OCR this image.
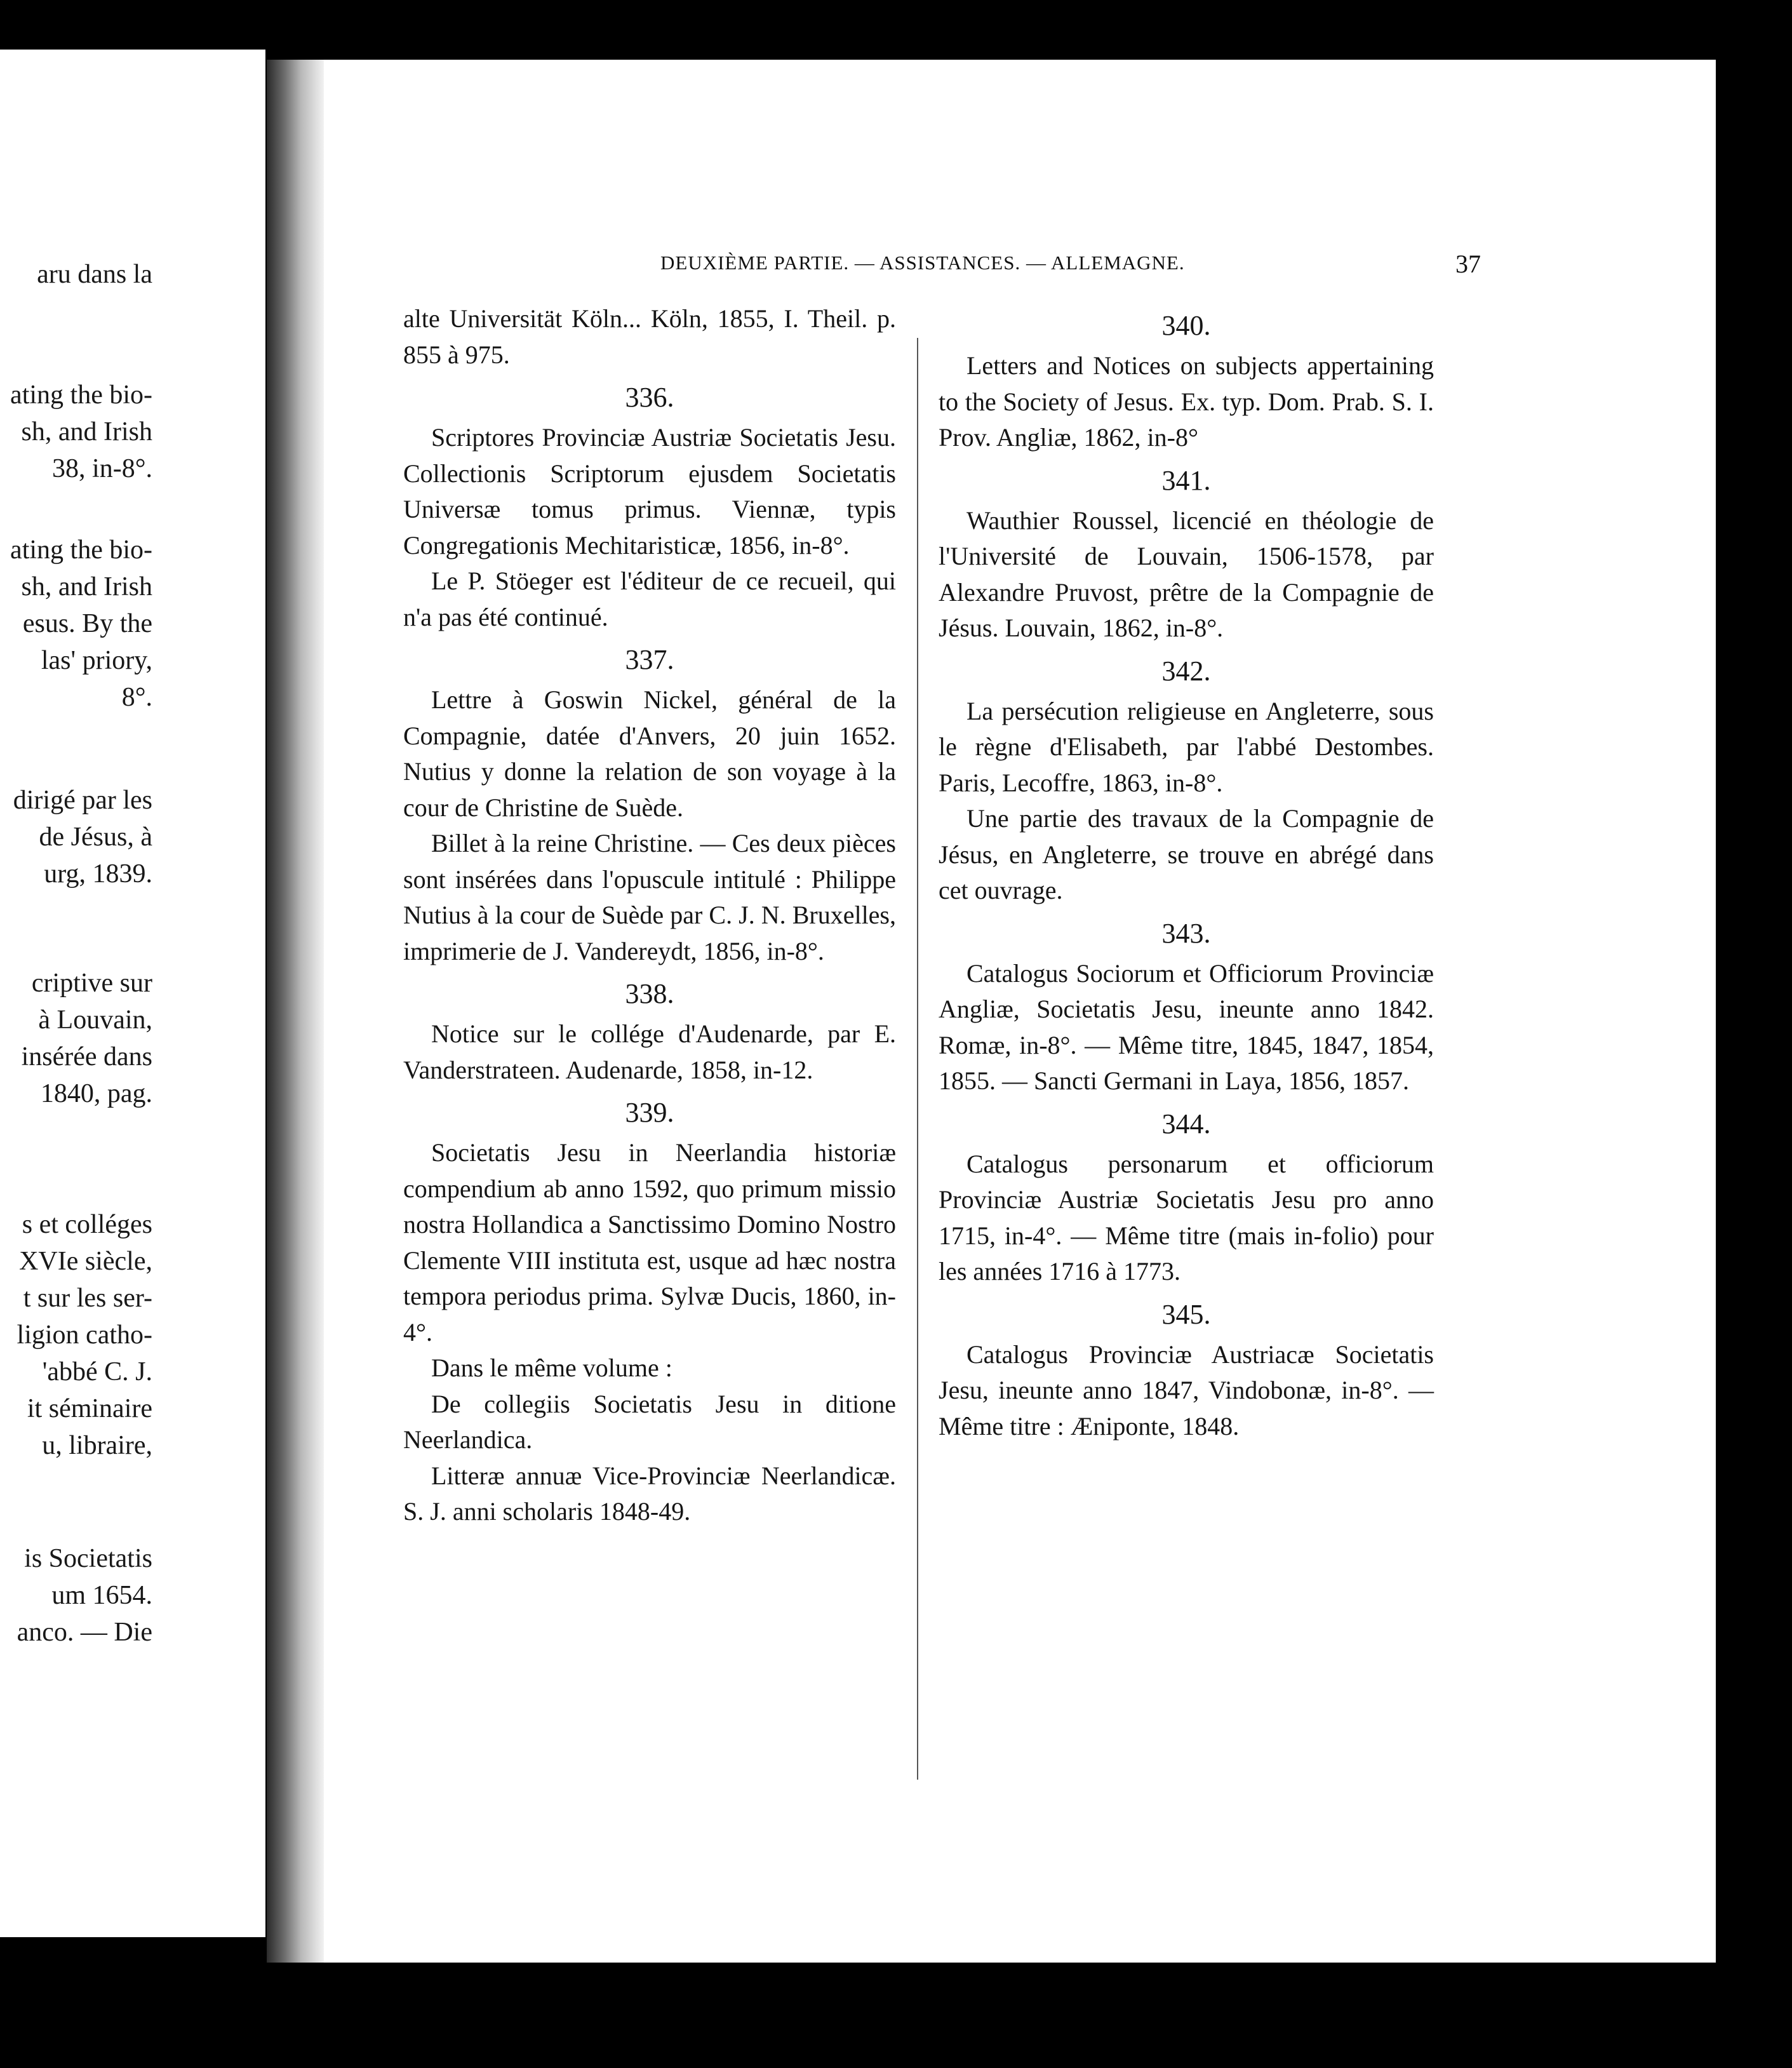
aru dans la
ating the bio-
sh, and Irish
38, in-8°.
ating the bio-
sh, and Irish
esus. By the
las' priory,
8°.
dirigé par les
de Jésus, à
urg, 1839.
criptive sur
à Louvain,
insérée dans
1840, pag.
s et colléges
XVIe siècle,
t sur les ser-
ligion catho-
'abbé C. J.
it séminaire
u, libraire,
is Societatis
um 1654.
anco. — Die
DEUXIÈME PARTIE. — ASSISTANCES. — ALLEMAGNE.	37

alte Universität Köln... Köln, 1855, I. Theil. p. 855 à 975.

336.

Scriptores Provinciæ Austriæ Societatis Jesu. Collectionis Scriptorum ejusdem Societatis Universæ tomus primus. Viennæ, typis Congregationis Mechitaristicæ, 1856, in-8°.

Le P. Stöeger est l'éditeur de ce recueil, qui n'a pas été continué.

337.

Lettre à Goswin Nickel, général de la Compagnie, datée d'Anvers, 20 juin 1652. Nutius y donne la relation de son voyage à la cour de Christine de Suède.

Billet à la reine Christine. — Ces deux pièces sont insérées dans l'opuscule intitulé : Philippe Nutius à la cour de Suède par C. J. N. Bruxelles, imprimerie de J. Vandereydt, 1856, in-8°.

338.

Notice sur le collége d'Audenarde, par E. Vanderstrateen. Audenarde, 1858, in-12.

339.

Societatis Jesu in Neerlandia historiæ compendium ab anno 1592, quo primum missio nostra Hollandica a Sanctissimo Domino Nostro Clemente VIII instituta est, usque ad hæc nostra tempora periodus prima. Sylvæ Ducis, 1860, in-4°.

Dans le même volume :

De collegiis Societatis Jesu in ditione Neerlandica.

Litteræ annuæ Vice-Provinciæ Neerlandicæ. S. J. anni scholaris 1848-49.

340.

Letters and Notices on subjects appertaining to the Society of Jesus. Ex. typ. Dom. Prab. S. I. Prov. Angliæ, 1862, in-8°

341.

Wauthier Roussel, licencié en théologie de l'Université de Louvain, 1506-1578, par Alexandre Pruvost, prêtre de la Compagnie de Jésus. Louvain, 1862, in-8°.

342.

La persécution religieuse en Angleterre, sous le règne d'Elisabeth, par l'abbé Destombes. Paris, Lecoffre, 1863, in-8°.

Une partie des travaux de la Compagnie de Jésus, en Angleterre, se trouve en abrégé dans cet ouvrage.

343.

Catalogus Sociorum et Officiorum Provinciæ Angliæ, Societatis Jesu, ineunte anno 1842. Romæ, in-8°. — Même titre, 1845, 1847, 1854, 1855. — Sancti Germani in Laya, 1856, 1857.

344.

Catalogus personarum et officiorum Provinciæ Austriæ Societatis Jesu pro anno 1715, in-4°. — Même titre (mais in-folio) pour les années 1716 à 1773.

345.

Catalogus Provinciæ Austriacæ Societatis Jesu, ineunte anno 1847, Vindobonæ, in-8°. — Même titre : Æniponte, 1848.
